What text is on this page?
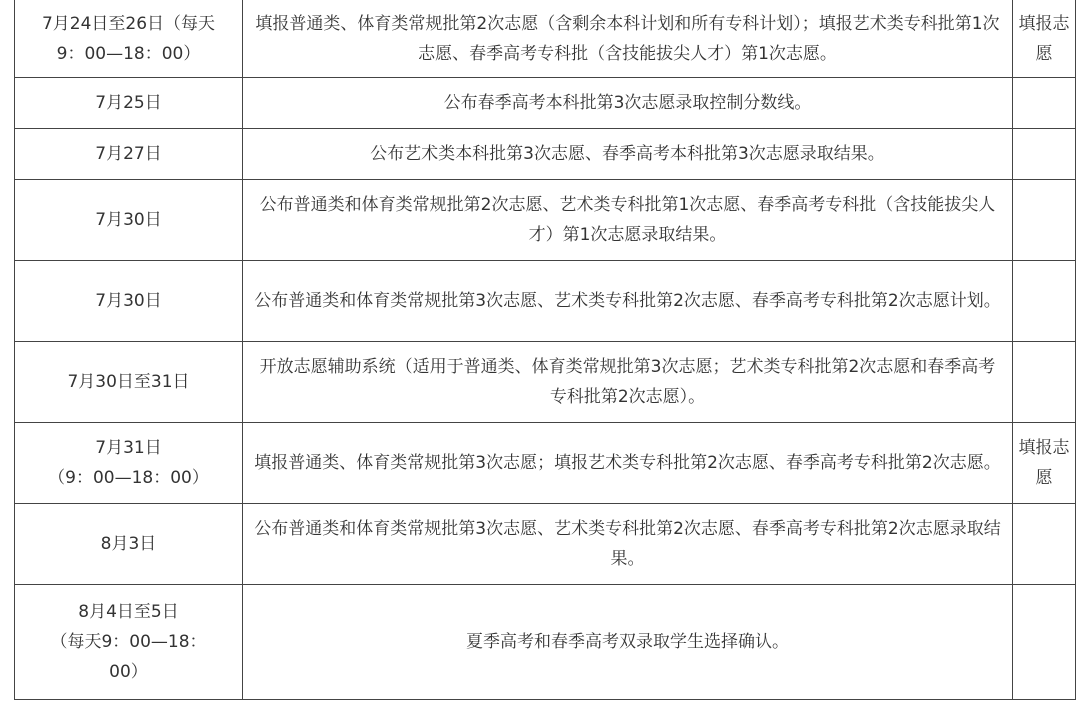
7月24日至26日（每天
9：00—18：00）	填报普通类、体育类常规批第2次志愿（含剩余本科计划和所有专科计划）；填报艺术类专科批第1次志愿、春季高考专科批（含技能拔尖人才）第1次志愿。	填报志愿

7月25日	公布春季高考本科批第3次志愿录取控制分数线。	

7月27日	公布艺术类本科批第3次志愿、春季高考本科批第3次志愿录取结果。	

7月30日	公布普通类和体育类常规批第2次志愿、艺术类专科批第1次志愿、春季高考专科批（含技能拔尖人才）第1次志愿录取结果。	

7月30日	公布普通类和体育类常规批第3次志愿、艺术类专科批第2次志愿、春季高考专科批第2次志愿计划。	

7月30日至31日	开放志愿辅助系统（适用于普通类、体育类常规批第3次志愿；艺术类专科批第2次志愿和春季高考专科批第2次志愿）。	

7月31日
（9：00—18：00）	填报普通类、体育类常规批第3次志愿；填报艺术类专科批第2次志愿、春季高考专科批第2次志愿。	填报志愿

8月3日	公布普通类和体育类常规批第3次志愿、艺术类专科批第2次志愿、春季高考专科批第2次志愿录取结果。	

8月4日至5日
（每天9：00—18：
00）	夏季高考和春季高考双录取学生选择确认。	
